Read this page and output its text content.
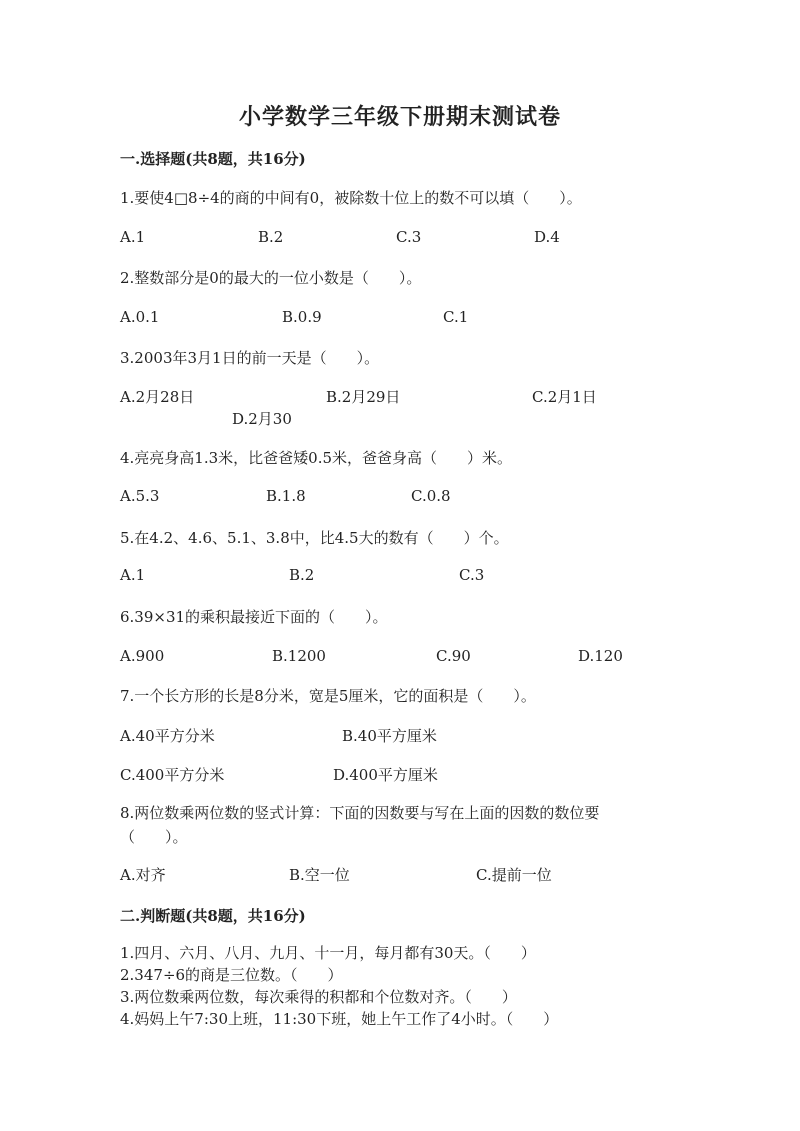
小学数学三年级下册期末测试卷
一.选择题(共8题，共16分)
1.要使4□8÷4的商的中间有0，被除数十位上的数不可以填（　　）。
A.1	B.2	C.3	D.4
2.整数部分是0的最大的一位小数是（　　）。
A.0.1	B.0.9	C.1
3.2003年3月1日的前一天是（　　）。
A.2月28日	B.2月29日	C.2月1日
D.2月30
4.亮亮身高1.3米，比爸爸矮0.5米，爸爸身高（　　）米。
A.5.3	B.1.8	C.0.8
5.在4.2、4.6、5.1、3.8中，比4.5大的数有（　　）个。
A.1	B.2	C.3
6.39×31的乘积最接近下面的（　　）。
A.900	B.1200	C.90	D.120
7.一个长方形的长是8分米，宽是5厘米，它的面积是（　　）。
A.40平方分米	B.40平方厘米
C.400平方分米	D.400平方厘米
8.两位数乘两位数的竖式计算：下面的因数要与写在上面的因数的数位要（　　）。
A.对齐	B.空一位	C.提前一位
二.判断题(共8题，共16分)
1.四月、六月、八月、九月、十一月，每月都有30天。（　　）
2.347÷6的商是三位数。（　　）
3.两位数乘两位数，每次乘得的积都和个位数对齐。（　　）
4.妈妈上午7:30上班，11:30下班，她上午工作了4小时。（　　）
